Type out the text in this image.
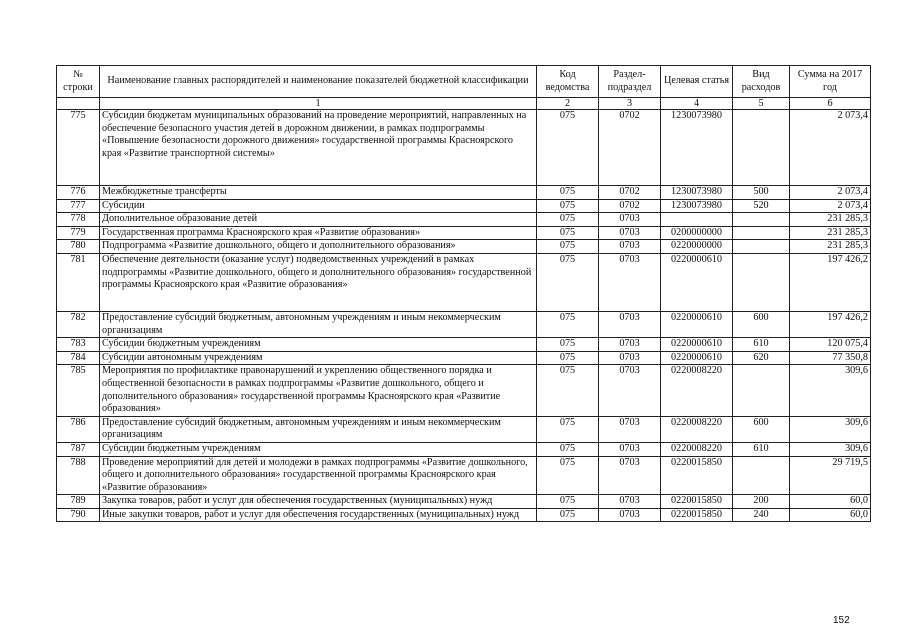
№ строки	Наименование главных распорядителей и наименование показателей бюджетной классификации	Код ведомства	Раздел-подраздел	Целевая статья	Вид расходов	Сумма на 2017 год
	1	2	3	4	5	6
775	Субсидии бюджетам муниципальных образований на проведение мероприятий, направленных на обеспечение безопасного участия детей в дорожном движении, в рамках подпрограммы «Повышение безопасности дорожного движения» государственной программы Красноярского края «Развитие транспортной системы»	075	0702	1230073980		2 073,4
776	Межбюджетные трансферты	075	0702	1230073980	500	2 073,4
777	Субсидии	075	0702	1230073980	520	2 073,4
778	Дополнительное образование детей	075	0703			231 285,3
779	Государственная программа Красноярского края «Развитие образования»	075	0703	0200000000		231 285,3
780	Подпрограмма «Развитие дошкольного, общего и дополнительного образования»	075	0703	0220000000		231 285,3
781	Обеспечение деятельности (оказание услуг) подведомственных учреждений в рамках подпрограммы «Развитие дошкольного, общего и дополнительного образования» государственной программы Красноярского края «Развитие образования»	075	0703	0220000610		197 426,2
782	Предоставление субсидий бюджетным, автономным учреждениям и иным некоммерческим организациям	075	0703	0220000610	600	197 426,2
783	Субсидии бюджетным учреждениям	075	0703	0220000610	610	120 075,4
784	Субсидии автономным учреждениям	075	0703	0220000610	620	77 350,8
785	Мероприятия по профилактике правонарушений и укреплению общественного порядка и общественной безопасности в рамках подпрограммы «Развитие дошкольного, общего и дополнительного образования» государственной программы Красноярского края «Развитие образования»	075	0703	0220008220		309,6
786	Предоставление субсидий бюджетным, автономным учреждениям и иным некоммерческим организациям	075	0703	0220008220	600	309,6
787	Субсидии бюджетным учреждениям	075	0703	0220008220	610	309,6
788	Проведение мероприятий для детей и молодежи в рамках подпрограммы «Развитие дошкольного, общего и дополнительного образования» государственной программы Красноярского края «Развитие образования»	075	0703	0220015850		29 719,5
789	Закупка товаров, работ и услуг для обеспечения государственных (муниципальных) нужд	075	0703	0220015850	200	60,0
790	Иные закупки товаров, работ и услуг для обеспечения государственных (муниципальных) нужд	075	0703	0220015850	240	60,0
152
